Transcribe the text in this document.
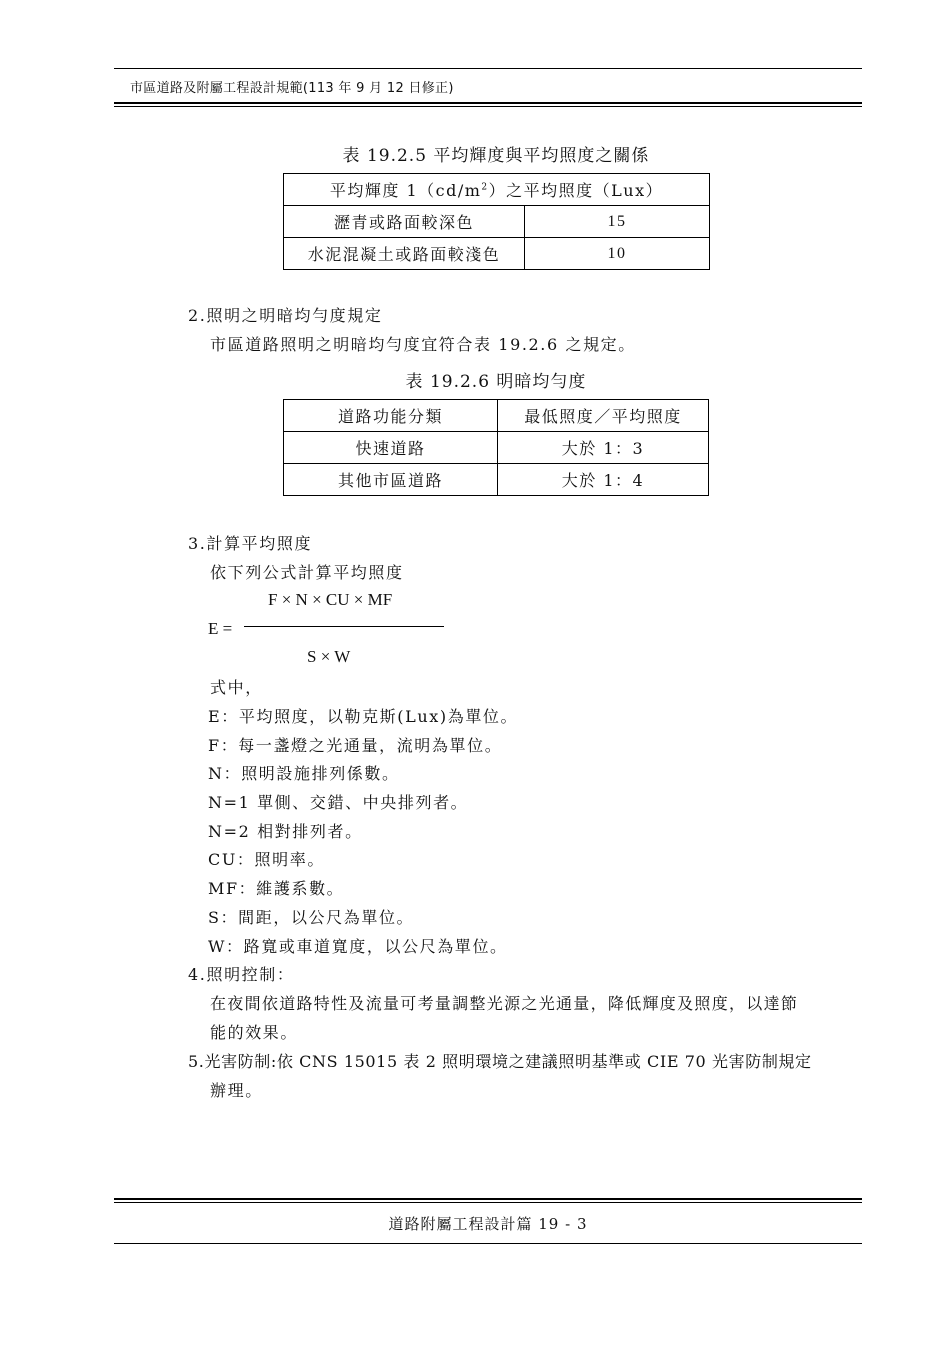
市區道路及附屬工程設計規範(113 年 9 月 12 日修正)
表 19.2.5 平均輝度與平均照度之關係
平均輝度 $1(cd/m^2)$之平均照度（Lux）	
瀝青或路面較深色	15
水泥混凝土或路面較淺色	10
2.照明之明暗均勻度規定
市區道路照明之明暗均勻度宜符合表 19.2.6 之規定。
表 19.2.6 明暗均勻度
道路功能分類	最低照度／平均照度
快速道路	大於 1：3
其他市區道路	大於 1：4
3.計算平均照度
依下列公式計算平均照度
F × N × CU × MF
E =
S × W
式中，
E：平均照度，以勒克斯(Lux)為單位。
F：每一盞燈之光通量，流明為單位。
N：照明設施排列係數。
N=1 單側、交錯、中央排列者。
N=2 相對排列者。
CU：照明率。
MF：維護系數。
S：間距，以公尺為單位。
W：路寬或車道寬度，以公尺為單位。
4.照明控制：
在夜間依道路特性及流量可考量調整光源之光通量，降低輝度及照度，以達節
能的效果。
5.光害防制:依 CNS 15015 表 2 照明環境之建議照明基準或 CIE 70 光害防制規定
辦理。
道路附屬工程設計篇 19 - 3
